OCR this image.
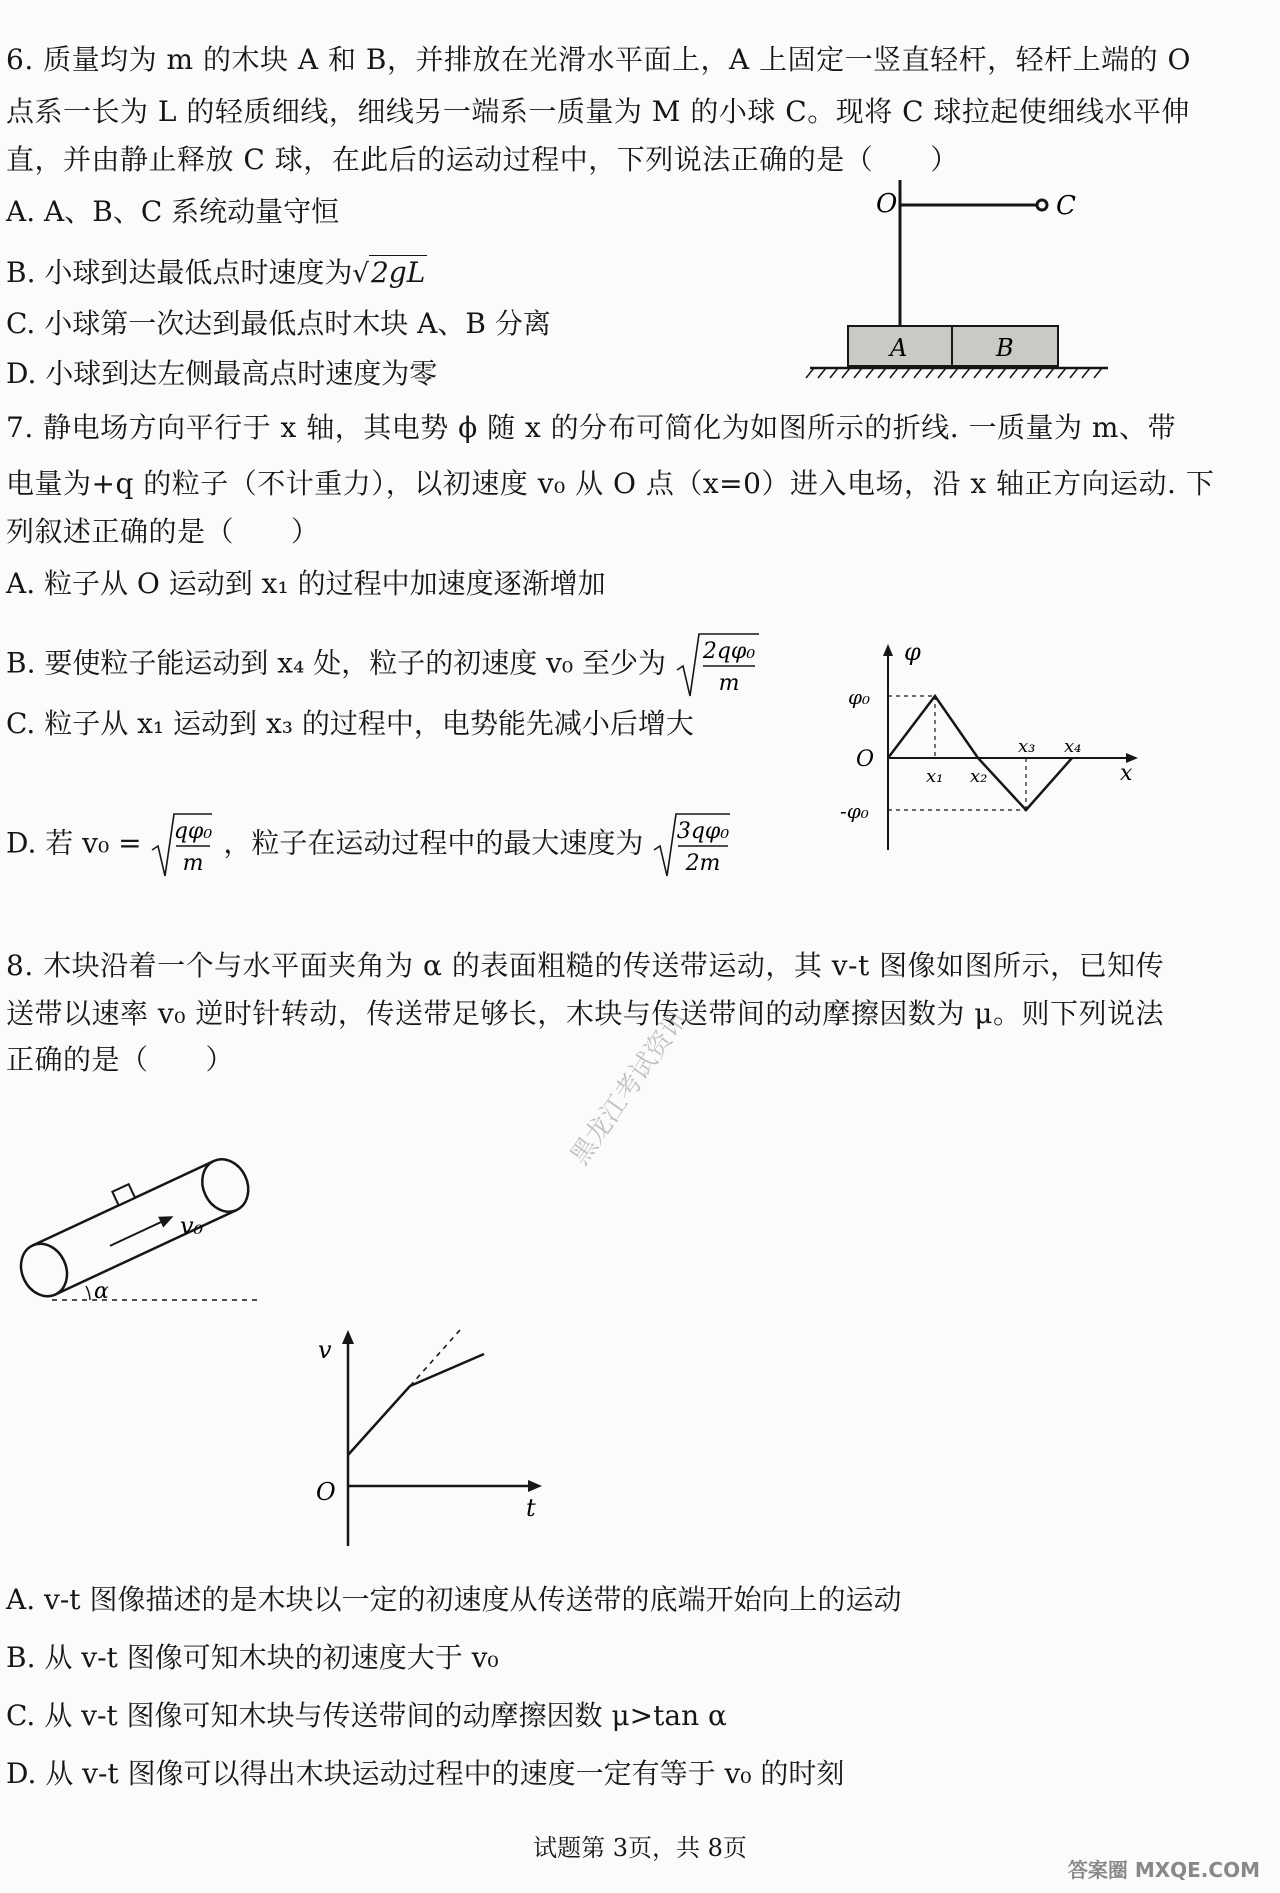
6. 质量均为 m 的木块 A 和 B，并排放在光滑水平面上，A 上固定一竖直轻杆，轻杆上端的 O
点系一长为 L 的轻质细线，细线另一端系一质量为 M 的小球 C。现将 C 球拉起使细线水平伸
直，并由静止释放 C 球，在此后的运动过程中，下列说法正确的是（　　）
A. A、B、C 系统动量守恒
B. 小球到达最低点时速度为√2gL
C. 小球第一次达到最低点时木块 A、B 分离
D. 小球到达左侧最高点时速度为零
O	C
A	B
7. 静电场方向平行于 x 轴，其电势 ϕ 随 x 的分布可简化为如图所示的折线. 一质量为 m、带
电量为+q 的粒子（不计重力），以初速度 v₀ 从 O 点（x=0）进入电场，沿 x 轴正方向运动. 下
列叙述正确的是（　　）
A. 粒子从 O 运动到 x₁ 的过程中加速度逐渐增加
B. 要使粒子能运动到 x₄ 处，粒子的初速度 v₀ 至少为 2qφ₀
m
C. 粒子从 x₁ 运动到 x₃ 的过程中，电势能先减小后增大
D. 若 v₀ = qφ₀
m
，粒子在运动过程中的最大速度为 3qφ₀
2m
φ
φ₀
-φ₀
O
x
x₁ x₂
x₃ x₄
8. 木块沿着一个与水平面夹角为 α 的表面粗糙的传送带运动，其 v-t 图像如图所示，已知传
送带以速率 v₀ 逆时针转动，传送带足够长，木块与传送带间的动摩擦因数为 μ。则下列说法
正确的是（　　）
v₀
α
v
O
t
A. v-t 图像描述的是木块以一定的初速度从传送带的底端开始向上的运动
B. 从 v-t 图像可知木块的初速度大于 v₀
C. 从 v-t 图像可知木块与传送带间的动摩擦因数 μ>tan α
D. 从 v-t 图像可以得出木块运动过程中的速度一定有等于 v₀ 的时刻
黑龙江考试资讯
试题第 3页，共 8页
答案圈 MXQE.COM
